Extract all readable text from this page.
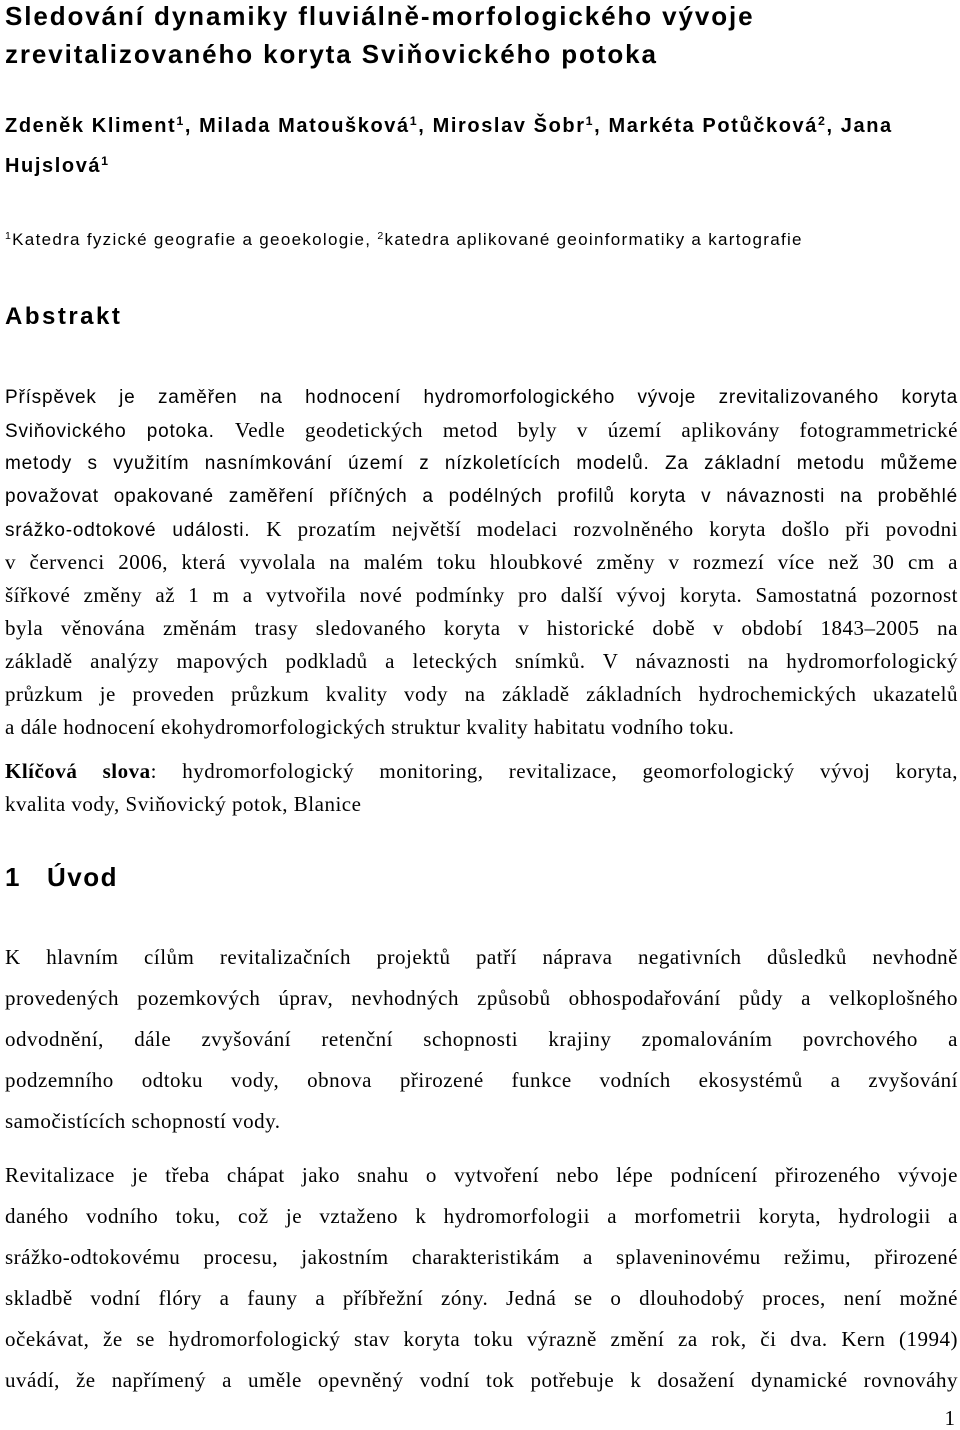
Sledování dynamiky fluviálně-morfologického vývoje
zrevitalizovaného koryta Sviňovického potoka
Zdeněk Kliment$^1$, Milada Matoušková$^1$, Miroslav Šobr$^1$, Markéta Potůčková$^2$, Jana
Hujslová$^1$
$^1$Katedra fyzické geografie a geoekologie, $^2$katedra aplikované geoinformatiky a kartografie
Abstrakt
Příspěvek je zaměřen na hodnocení hydromorfologického vývoje zrevitalizovaného koryta
Sviňovického potoka. Vedle geodetických metod byly v území aplikovány fotogrammetrické
metody s využitím nasnímkování území z nízkoletících modelů. Za základní metodu můžeme
považovat opakované zaměření příčných a podélných profilů koryta v návaznosti na proběhlé
srážko-odtokové události. K prozatím největší modelaci rozvolněného koryta došlo při povodni
v červenci 2006, která vyvolala na malém toku hloubkové změny v rozmezí více než 30 cm a
šířkové změny až 1 m a vytvořila nové podmínky pro další vývoj koryta. Samostatná pozornost
byla věnována změnám trasy sledovaného koryta v historické době v období 1843–2005 na
základě analýzy mapových podkladů a leteckých snímků. V návaznosti na hydromorfologický
průzkum je proveden průzkum kvality vody na základě základních hydrochemických ukazatelů
a dále hodnocení ekohydromorfologických struktur kvality habitatu vodního toku.
Klíčová slova: hydromorfologický monitoring, revitalizace, geomorfologický vývoj koryta,
kvalita vody, Sviňovický potok, Blanice
1 Úvod
K hlavním cílům revitalizačních projektů patří náprava negativních důsledků nevhodně
provedených pozemkových úprav, nevhodných způsobů obhospodařování půdy a velkoplošného
odvodnění, dále zvyšování retenční schopnosti krajiny zpomalováním povrchového a
podzemního odtoku vody, obnova přirozené funkce vodních ekosystémů a zvyšování
samočistících schopností vody.
Revitalizace je třeba chápat jako snahu o vytvoření nebo lépe podnícení přirozeného vývoje
daného vodního toku, což je vztaženo k hydromorfologii a morfometrii koryta, hydrologii a
srážko-odtokovému procesu, jakostním charakteristikám a splaveninovému režimu, přirozené
skladbě vodní flóry a fauny a příbřežní zóny. Jedná se o dlouhodobý proces, není možné
očekávat, že se hydromorfologický stav koryta toku výrazně změní za rok, či dva. Kern (1994)
uvádí, že napřímený a uměle opevněný vodní tok potřebuje k dosažení dynamické rovnováhy
1
